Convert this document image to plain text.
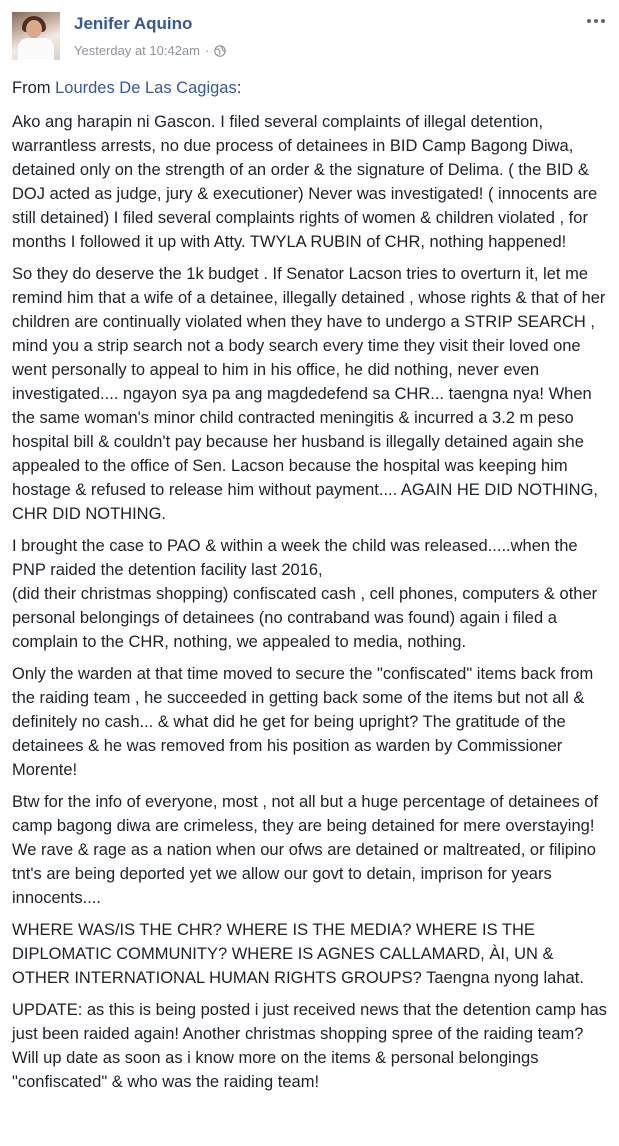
Jenifer Aquino
Yesterday at 10:42am ·

From Lourdes De Las Cagigas:

Ako ang harapin ni Gascon. I filed several complaints of illegal detention, warrantless arrests, no due process of detainees in BID Camp Bagong Diwa, detained only on the strength of an order & the signature of Delima. ( the BID & DOJ acted as judge, jury & executioner) Never was investigated! ( innocents are still detained) I filed several complaints rights of women & children violated , for months I followed it up with Atty. TWYLA RUBIN of CHR, nothing happened!

So they do deserve the 1k budget . If Senator Lacson tries to overturn it, let me remind him that a wife of a detainee, illegally detained , whose rights & that of her children are continually violated when they have to undergo a STRIP SEARCH , mind you a strip search not a body search every time they visit their loved one went personally to appeal to him in his office, he did nothing, never even investigated.... ngayon sya pa ang magdedefend sa CHR... taengna nya! When the same woman's minor child contracted meningitis & incurred a 3.2 m peso hospital bill & couldn't pay because her husband is illegally detained again she appealed to the office of Sen. Lacson because the hospital was keeping him hostage & refused to release him without payment.... AGAIN HE DID NOTHING, CHR DID NOTHING.

I brought the case to PAO & within a week the child was released.....when the PNP raided the detention facility last 2016,

(did their christmas shopping) confiscated cash , cell phones, computers & other personal belongings of detainees (no contraband was found) again i filed a complain to the CHR, nothing, we appealed to media, nothing.

Only the warden at that time moved to secure the "confiscated" items back from the raiding team , he succeeded in getting back some of the items but not all & definitely no cash... & what did he get for being upright? The gratitude of the detainees & he was removed from his position as warden by Commissioner Morente!

Btw for the info of everyone, most , not all but a huge percentage of detainees of camp bagong diwa are crimeless, they are being detained for mere overstaying! We rave & rage as a nation when our ofws are detained or maltreated, or filipino tnt's are being deported yet we allow our govt to detain, imprison for years innocents....

WHERE WAS/IS THE CHR? WHERE IS THE MEDIA? WHERE IS THE DIPLOMATIC COMMUNITY? WHERE IS AGNES CALLAMARD, ÀI, UN & OTHER INTERNATIONAL HUMAN RIGHTS GROUPS? Taengna nyong lahat.

UPDATE: as this is being posted i just received news that the detention camp has just been raided again! Another christmas shopping spree of the raiding team? Will up date as soon as i know more on the items & personal belongings "confiscated" & who was the raiding team!
